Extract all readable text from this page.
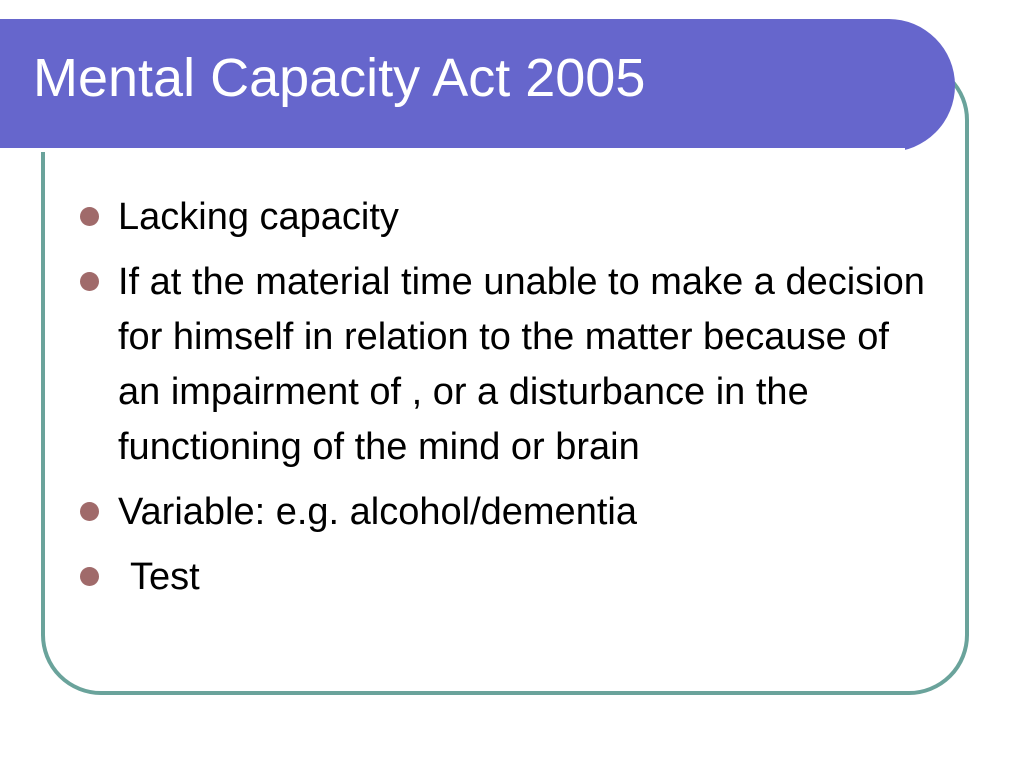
Mental Capacity Act 2005
Lacking capacity
If at the material time unable to make a decision for himself in relation to the matter because of an impairment of , or a disturbance in the functioning of the mind or brain
Variable: e.g. alcohol/dementia
Test
